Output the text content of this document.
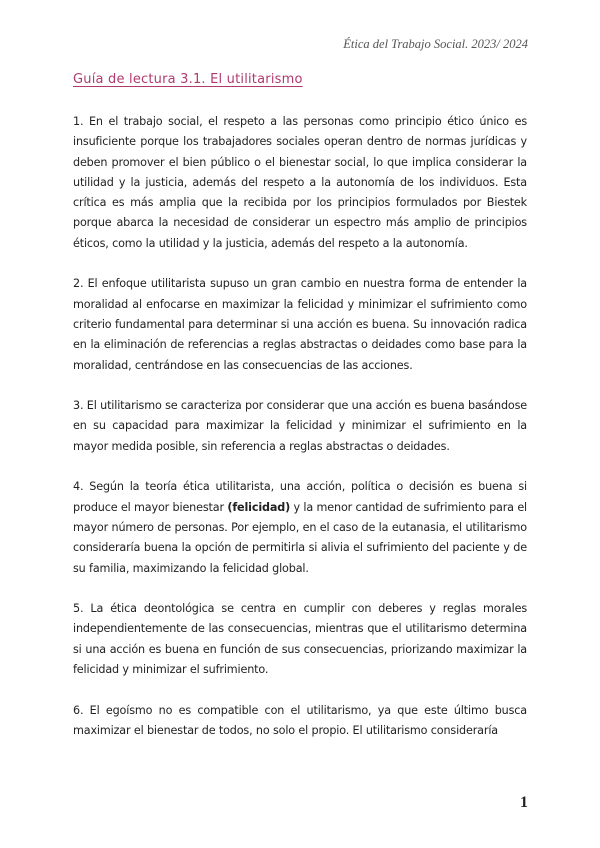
Ética del Trabajo Social. 2023/ 2024
Guía de lectura 3.1. El utilitarismo

1. En el trabajo social, el respeto a las personas como principio ético único es insuficiente porque los trabajadores sociales operan dentro de normas jurídicas y deben promover el bien público o el bienestar social, lo que implica considerar la utilidad y la justicia, además del respeto a la autonomía de los individuos. Esta crítica es más amplia que la recibida por los principios formulados por Biestek porque abarca la necesidad de considerar un espectro más amplio de principios éticos, como la utilidad y la justicia, además del respeto a la autonomía.

2. El enfoque utilitarista supuso un gran cambio en nuestra forma de entender la moralidad al enfocarse en maximizar la felicidad y minimizar el sufrimiento como criterio fundamental para determinar si una acción es buena. Su innovación radica en la eliminación de referencias a reglas abstractas o deidades como base para la moralidad, centrándose en las consecuencias de las acciones.

3. El utilitarismo se caracteriza por considerar que una acción es buena basándose en su capacidad para maximizar la felicidad y minimizar el sufrimiento en la mayor medida posible, sin referencia a reglas abstractas o deidades.

4. Según la teoría ética utilitarista, una acción, política o decisión es buena si produce el mayor bienestar (felicidad) y la menor cantidad de sufrimiento para el mayor número de personas. Por ejemplo, en el caso de la eutanasia, el utilitarismo consideraría buena la opción de permitirla si alivia el sufrimiento del paciente y de su familia, maximizando la felicidad global.

5. La ética deontológica se centra en cumplir con deberes y reglas morales independientemente de las consecuencias, mientras que el utilitarismo determina si una acción es buena en función de sus consecuencias, priorizando maximizar la felicidad y minimizar el sufrimiento.

6. El egoísmo no es compatible con el utilitarismo, ya que este último busca maximizar el bienestar de todos, no solo el propio. El utilitarismo consideraría

1
